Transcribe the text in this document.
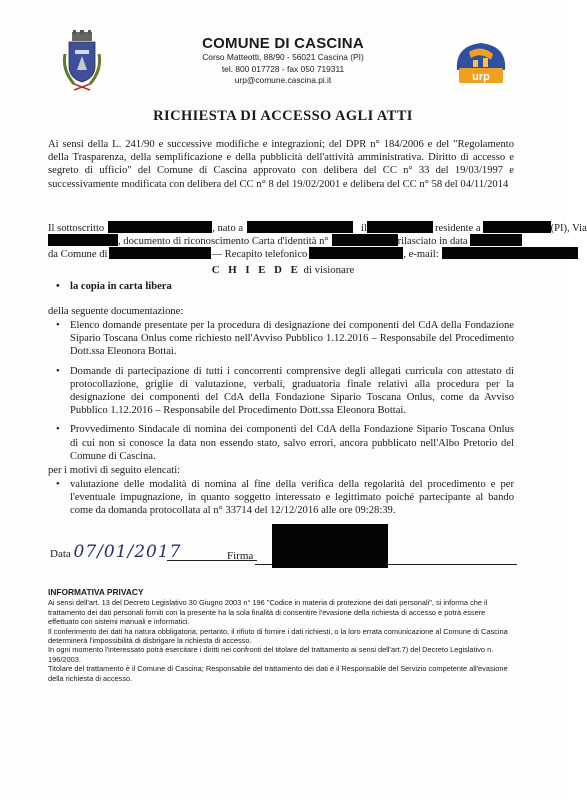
COMUNE DI CASCINA
Corso Matteotti, 88/90 - 56021 Cascina (PI)
tel. 800 017728 - fax 050 719311
urp@comune.cascina.pi.it	urp
RICHIESTA DI ACCESSO AGLI ATTI
Ai sensi della L. 241/90 e successive modifiche e integrazioni; del DPR n° 184/2006 e del "Regolamento della Trasparenza, della semplificazione e della pubblicità dell'attività amministrativa. Diritto di accesso e segreto di ufficio" del Comune di Cascina approvato con delibera del CC n° 33 del 19/03/1997 e successivamente modificata con delibera del CC n° 8 del 19/02/2001 e delibera del CC n° 58 del 04/11/2014
Il sottoscritto	, nato a	il	residente a	(PI), Via
, documento di riconoscimento Carta d'identità n°	rilasciato in data
da Comune di	— Recapito telefonico	, e-mail:
C H I E D E di visionare
• la copia in carta libera
della seguente documentazione:
• Elenco domande presentate per la procedura di designazione dei componenti del CdA della Fondazione Sipario Toscana Onlus come richiesto nell'Avviso Pubblico 1.12.2016 – Responsabile del Procedimento Dott.ssa Eleonora Bottai.
• Domande di partecipazione di tutti i concorrenti comprensive degli allegati curricula con attestato di protocollazione, griglie di valutazione, verbali, graduatoria finale relativi alla procedura per la designazione dei componenti del CdA della Fondazione Sipario Toscana Onlus, come da Avviso Pubblico 1.12.2016 – Responsabile del Procedimento Dott.ssa Eleonora Bottai.
• Provvedimento Sindacale di nomina dei componenti del CdA della Fondazione Sipario Toscana Onlus di cui non si conosce la data non essendo stato, salvo errori, ancora pubblicato nell'Albo Pretorio del Comune di Cascina.
per i motivi di seguito elencati:
• valutazione delle modalità di nomina al fine della verifica della regolarità del procedimento e per l'eventuale impugnazione, in quanto soggetto interessato e legittimato poiché partecipante al bando come da domanda protocollata al n° 33714 del 12/12/2016 alle ore 09:28:39.
Data 07/01/2017	Firma
INFORMATIVA PRIVACY
Ai sensi dell'art. 13 del Decreto Legislativo 30 Giugno 2003 n° 196 "Codice in materia di protezione dei dati personali", si informa che il trattamento dei dati personali forniti con la presente ha la sola finalità di consentire l'evasione della richiesta di accesso e potrà essere effettuato con sistemi manuali e informatici.
Il conferimento dei dati ha natura obbligatoria; pertanto, il rifiuto di fornire i dati richiesti, o la loro errata comunicazione al Comune di Cascina determinerà l'impossibilità di disbrigare la richiesta di accesso.
In ogni momento l'interessato potrà esercitare i diritti nei confronti del titolare del trattamento ai sensi dell'art.7) del Decreto Legislativo n. 196/2003.
Titolare del trattamento è il Comune di Cascina; Responsabile del trattamento dei dati è il Responsabile del Servizio competente all'evasione della richiesta di accesso.
